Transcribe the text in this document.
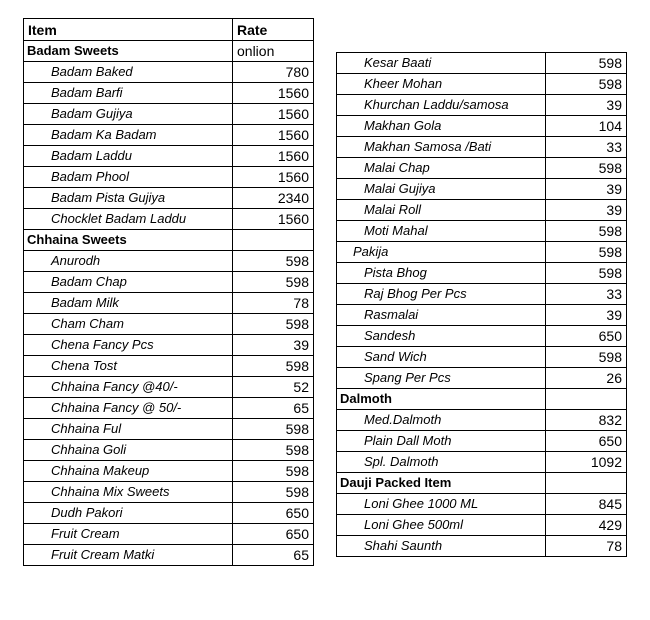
Item	Rate
Badam Sweets	onlion
Badam Baked	780
Badam Barfi	1560
Badam Gujiya	1560
Badam Ka Badam	1560
Badam Laddu	1560
Badam Phool	1560
Badam Pista Gujiya	2340
Chocklet Badam Laddu	1560
Chhaina Sweets	
Anurodh	598
Badam Chap	598
Badam Milk	78
Cham Cham	598
Chena Fancy Pcs	39
Chena Tost	598
Chhaina Fancy @40/-	52
Chhaina Fancy @ 50/-	65
Chhaina Ful	598
Chhaina Goli	598
Chhaina Makeup	598
Chhaina Mix Sweets	598
Dudh Pakori	650
Fruit Cream	650
Fruit Cream Matki	65
Kesar Baati	598
Kheer Mohan	598
Khurchan Laddu/samosa	39
Makhan Gola	104
Makhan Samosa /Bati	33
Malai Chap	598
Malai Gujiya	39
Malai Roll	39
Moti Mahal	598
Pakija	598
Pista Bhog	598
Raj Bhog Per Pcs	33
Rasmalai	39
Sandesh	650
Sand Wich	598
Spang Per Pcs	26
Dalmoth	
Med.Dalmoth	832
Plain Dall Moth	650
Spl. Dalmoth	1092
Dauji Packed Item	
Loni Ghee 1000 ML	845
Loni Ghee 500ml	429
Shahi Saunth	78
